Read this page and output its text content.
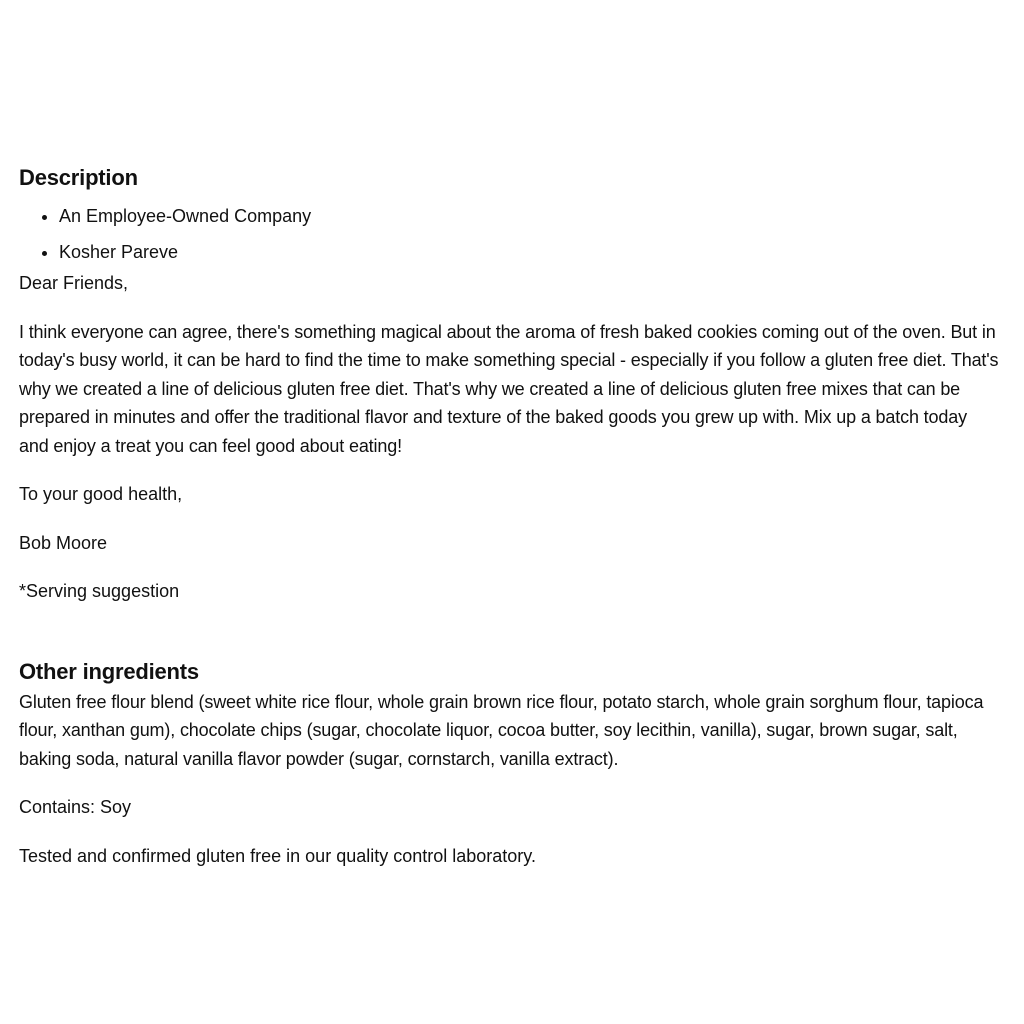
Description
• An Employee-Owned Company
• Kosher Pareve

Dear Friends,

I think everyone can agree, there's something magical about the aroma of fresh baked cookies coming out of the oven. But in today's busy world, it can be hard to find the time to make something special - especially if you follow a gluten free diet. That's why we created a line of delicious gluten free diet. That's why we created a line of delicious gluten free mixes that can be prepared in minutes and offer the traditional flavor and texture of the baked goods you grew up with. Mix up a batch today and enjoy a treat you can feel good about eating!

To your good health,

Bob Moore

*Serving suggestion

Other ingredients

Gluten free flour blend (sweet white rice flour, whole grain brown rice flour, potato starch, whole grain sorghum flour, tapioca flour, xanthan gum), chocolate chips (sugar, chocolate liquor, cocoa butter, soy lecithin, vanilla), sugar, brown sugar, salt, baking soda, natural vanilla flavor powder (sugar, cornstarch, vanilla extract).

Contains: Soy

Tested and confirmed gluten free in our quality control laboratory.
